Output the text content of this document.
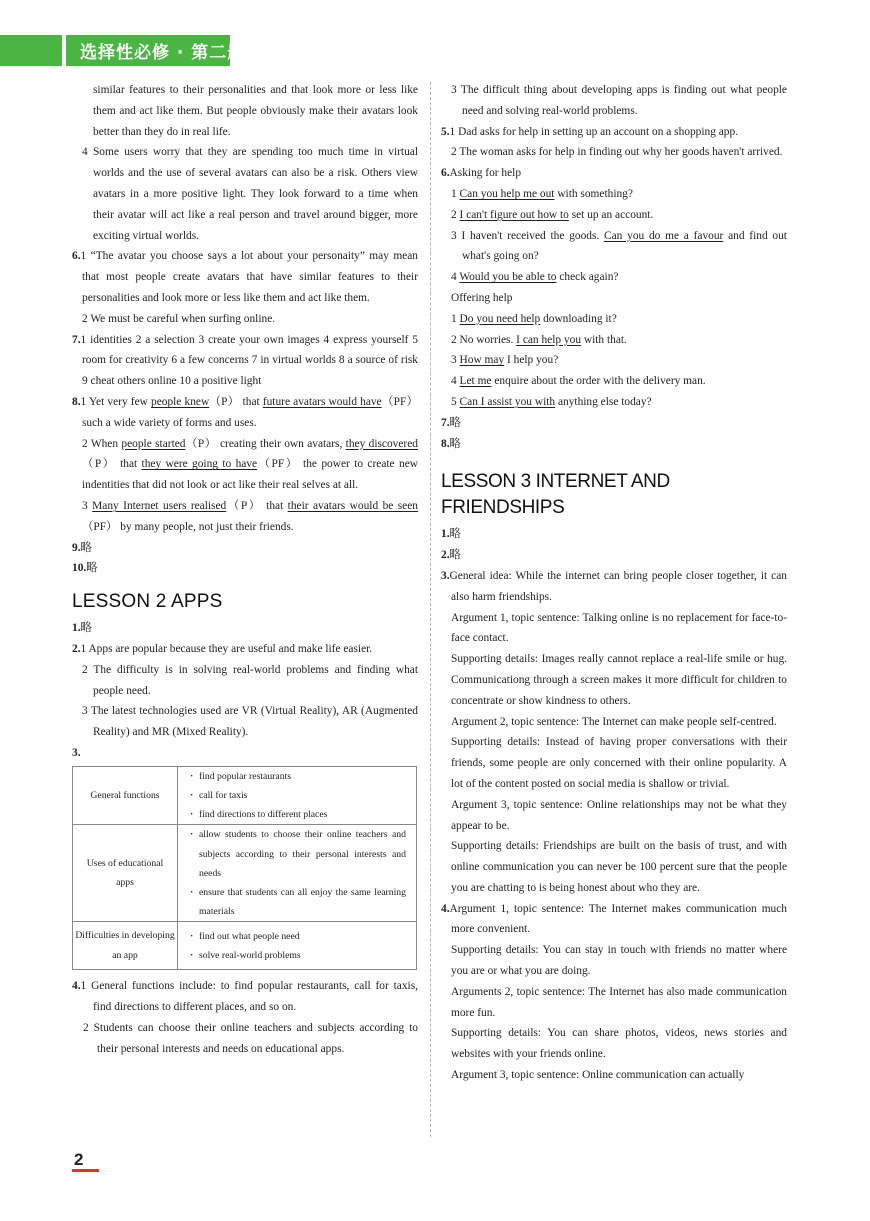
选择性必修 · 第二册

similar features to their personalities and that look more or less like them and act like them. But people obviously make their avatars look better than they do in real life.

4 Some users worry that they are spending too much time in virtual worlds and the use of several avatars can also be a risk. Others view avatars in a more positive light. They look forward to a time when their avatar will act like a real person and travel around bigger, more exciting virtual worlds.

6.1 “The avatar you choose says a lot about your personaity” may mean that most people create avatars that have similar features to their personalities and look more or less like them and act like them.

2 We must be careful when surfing online.

7.1 identities 2 a selection 3 create your own images 4 express yourself 5 room for creativity 6 a few concerns 7 in virtual worlds 8 a source of risk 9 cheat others online 10 a positive light

8.1 Yet very few people knew（P） that future avatars would have（PF） such a wide variety of forms and uses.

2 When people started（P） creating their own avatars, they discovered（P） that they were going to have（PF） the power to create new indentities that did not look or act like their real selves at all.

3 Many Internet users realised（P） that their avatars would be seen（PF） by many people, not just their friends.

9.略

10.略

LESSON 2 APPS

1.略

2.1 Apps are popular because they are useful and make life easier.

2 The difficulty is in solving real-world problems and finding what people need.

3 The latest technologies used are VR (Virtual Reality), AR (Augmented Reality) and MR (Mixed Reality).

3.

General functions	· find popular restaurants
· call for taxis
· find directions to different places

Uses of educational apps	· allow students to choose their online teachers and subjects according to their personal interests and needs
· ensure that students can all enjoy the same learning materials

Difficulties in developing an app	· find out what people need
· solve real-world problems

4.1 General functions include: to find popular restaurants, call for taxis, find directions to different places, and so on.

2 Students can choose their online teachers and subjects according to their personal interests and needs on educational apps.

3 The difficult thing about developing apps is finding out what people need and solving real-world problems.

5.1 Dad asks for help in setting up an account on a shopping app.

2 The woman asks for help in finding out why her goods haven't arrived.

6.Asking for help

1 Can you help me out with something?

2 I can't figure out how to set up an account.

3 I haven't received the goods. Can you do me a favour and find out what's going on?

4 Would you be able to check again?

Offering help

1 Do you need help downloading it?

2 No worries. I can help you with that.

3 How may I help you?

4 Let me enquire about the order with the delivery man.

5 Can I assist you with anything else today?

7.略

8.略

LESSON 3 INTERNET AND FRIENDSHIPS

1.略

2.略

3.General idea: While the internet can bring people closer together, it can also harm friendships.

Argument 1, topic sentence: Talking online is no replacement for face-to-face contact.

Supporting details: Images really cannot replace a real-life smile or hug. Communicationg through a screen makes it more difficult for children to concentrate or show kindness to others.

Argument 2, topic sentence: The Internet can make people self-centred.

Supporting details: Instead of having proper conversations with their friends, some people are only concerned with their online popularity. A lot of the content posted on social media is shallow or trivial.

Argument 3, topic sentence: Online relationships may not be what they appear to be.

Supporting details: Friendships are built on the basis of trust, and with online communication you can never be 100 percent sure that the people you are chatting to is being honest about who they are.

4.Argument 1, topic sentence: The Internet makes communication much more convenient.

Supporting details: You can stay in touch with friends no matter where you are or what you are doing.

Arguments 2, topic sentence: The Internet has also made communication more fun.

Supporting details: You can share photos, videos, news stories and websites with your friends online.

Argument 3, topic sentence: Online communication can actually

2
